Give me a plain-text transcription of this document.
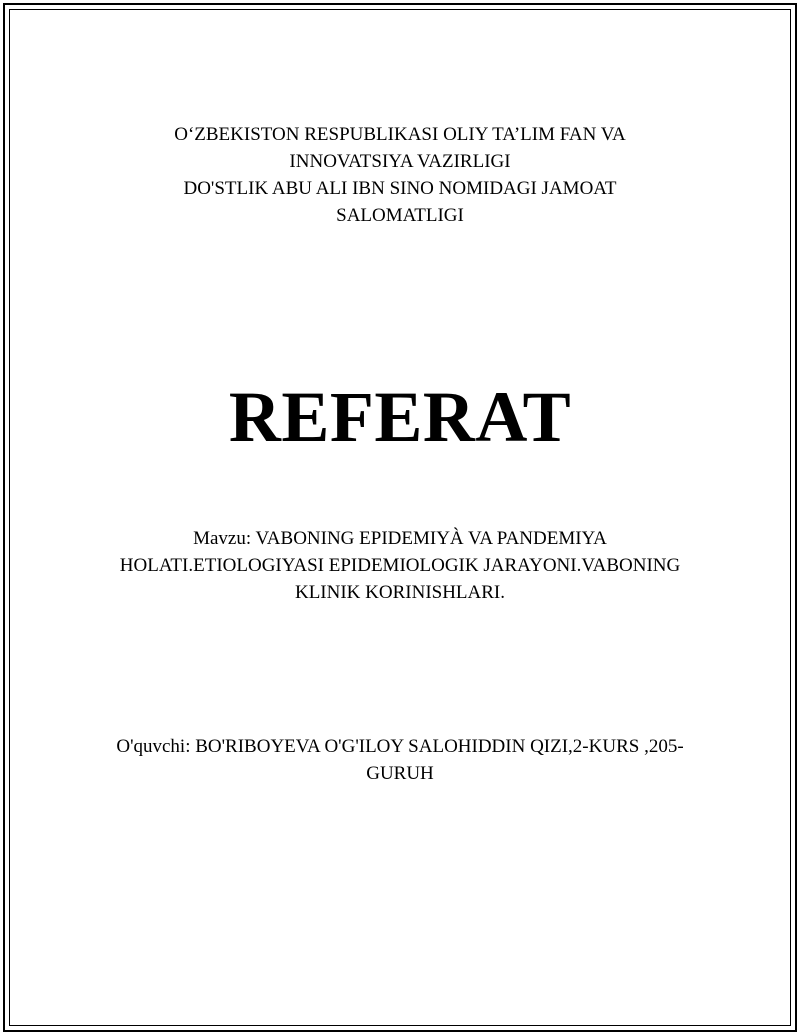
O‘ZBEKISTON RESPUBLIKASI OLIY TA’LIM FAN VA
INNOVATSIYA VAZIRLIGI
DO'STLIK ABU ALI IBN SINO NOMIDAGI JAMOAT
SALOMATLIGI
REFERAT
Mavzu: VABONING EPIDEMIYÀ VA PANDEMIYA
HOLATI.ETIOLOGIYASI EPIDEMIOLOGIK JARAYONI.VABONING
KLINIK KORINISHLARI.
O'quvchi: BO'RIBOYEVA O'G'ILOY SALOHIDDIN QIZI,2-KURS ,205-
GURUH
